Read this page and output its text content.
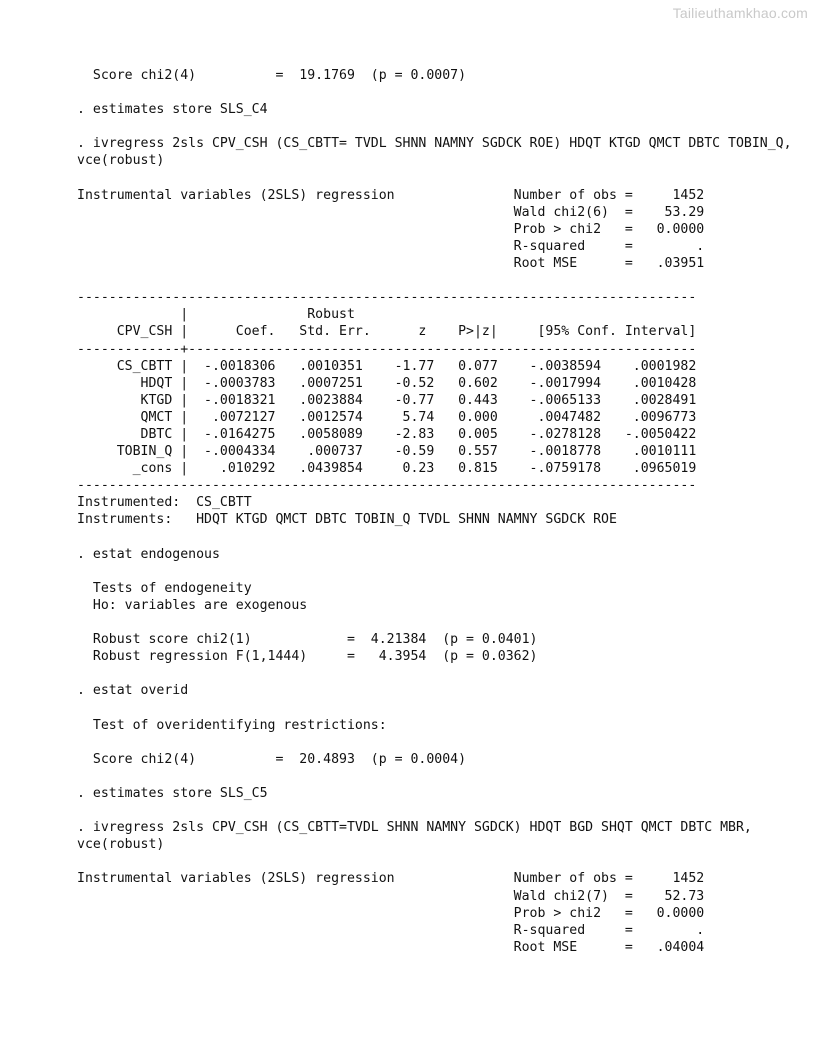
Tailieuthamkhao.com
Score chi2(4)          =  19.1769  (p = 0.0007)
. estimates store SLS_C4
. ivregress 2sls CPV_CSH (CS_CBTT= TVDL SHNN NAMNY SGDCK ROE) HDQT KTGD QMCT DBTC TOBIN_Q,
vce(robust)
Instrumental variables (2SLS) regression               Number of obs =     1452
Wald chi2(6)  =    53.29
Prob > chi2   =   0.0000
R-squared     =        .
Root MSE      =   .03951
------------------------------------------------------------------------------
|               Robust
CPV_CSH |      Coef.   Std. Err.      z    P>|z|     [95% Conf. Interval]
-------------+----------------------------------------------------------------
CS_CBTT |  -.0018306   .0010351    -1.77   0.077    -.0038594    .0001982
HDQT |  -.0003783   .0007251    -0.52   0.602    -.0017994    .0010428
KTGD |  -.0018321   .0023884    -0.77   0.443    -.0065133    .0028491
QMCT |   .0072127   .0012574     5.74   0.000     .0047482    .0096773
DBTC |  -.0164275   .0058089    -2.83   0.005    -.0278128   -.0050422
TOBIN_Q |  -.0004334    .000737    -0.59   0.557    -.0018778    .0010111
_cons |    .010292   .0439854     0.23   0.815    -.0759178    .0965019
------------------------------------------------------------------------------
Instrumented:  CS_CBTT
Instruments:   HDQT KTGD QMCT DBTC TOBIN_Q TVDL SHNN NAMNY SGDCK ROE
. estat endogenous
Tests of endogeneity
Ho: variables are exogenous
Robust score chi2(1)            =  4.21384  (p = 0.0401)
Robust regression F(1,1444)     =   4.3954  (p = 0.0362)
. estat overid
Test of overidentifying restrictions:
Score chi2(4)          =  20.4893  (p = 0.0004)
. estimates store SLS_C5
. ivregress 2sls CPV_CSH (CS_CBTT=TVDL SHNN NAMNY SGDCK) HDQT BGD SHQT QMCT DBTC MBR,
vce(robust)
Instrumental variables (2SLS) regression               Number of obs =     1452
Wald chi2(7)  =    52.73
Prob > chi2   =   0.0000
R-squared     =        .
Root MSE      =   .04004
